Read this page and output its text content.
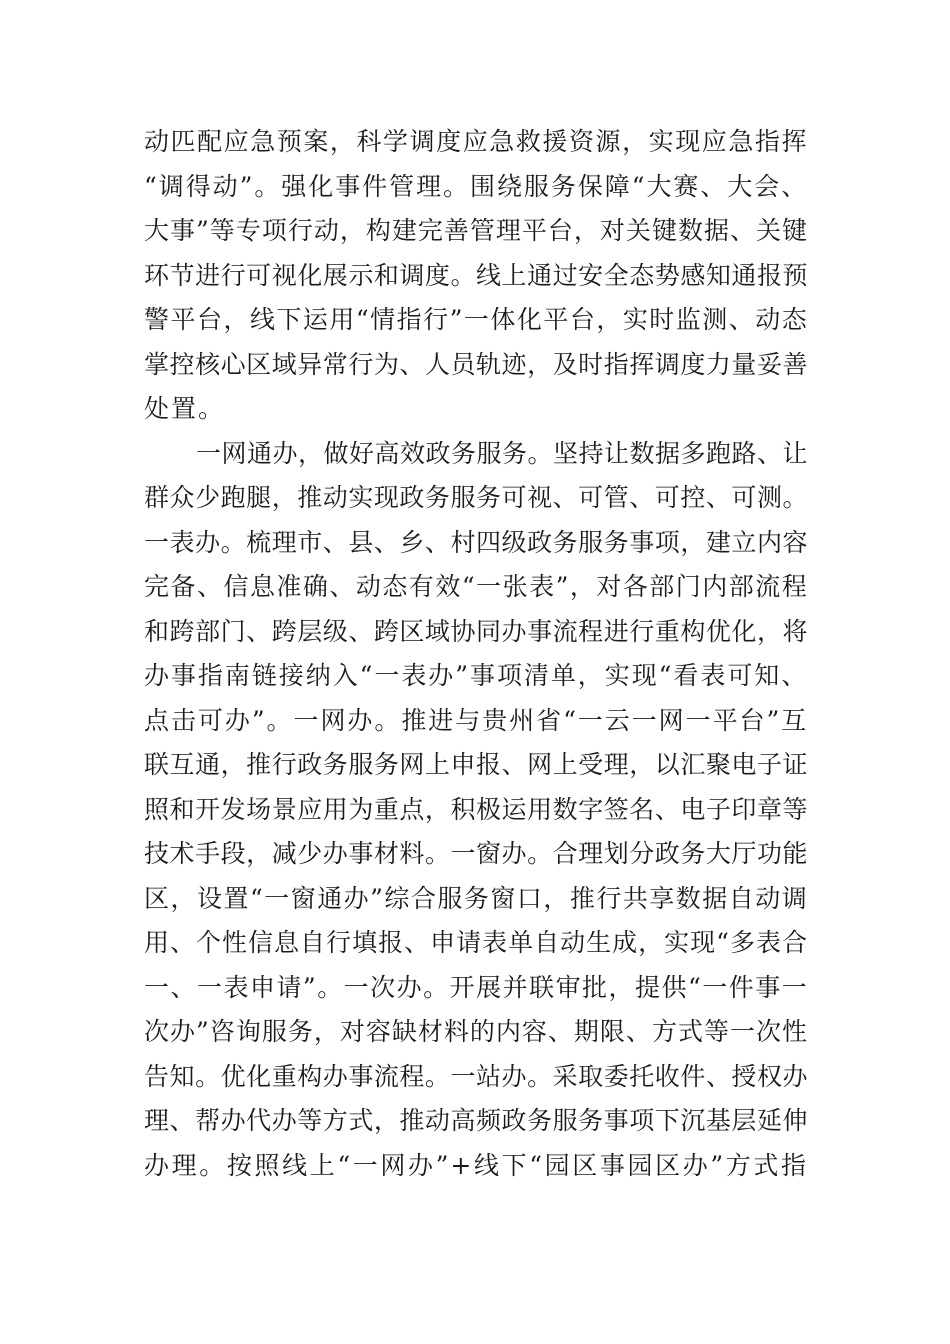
动匹配应急预案，科学调度应急救援资源，实现应急指挥
“调得动”。强化事件管理。围绕服务保障“大赛、大会、
大事”等专项行动，构建完善管理平台，对关键数据、关键
环节进行可视化展示和调度。线上通过安全态势感知通报预
警平台，线下运用“情指行”一体化平台，实时监测、动态
掌控核心区域异常行为、人员轨迹，及时指挥调度力量妥善
处置。
一网通办，做好高效政务服务。坚持让数据多跑路、让
群众少跑腿，推动实现政务服务可视、可管、可控、可测。
一表办。梳理市、县、乡、村四级政务服务事项，建立内容
完备、信息准确、动态有效“一张表”，对各部门内部流程
和跨部门、跨层级、跨区域协同办事流程进行重构优化，将
办事指南链接纳入“一表办”事项清单，实现“看表可知、
点击可办”。一网办。推进与贵州省“一云一网一平台”互
联互通，推行政务服务网上申报、网上受理，以汇聚电子证
照和开发场景应用为重点，积极运用数字签名、电子印章等
技术手段，减少办事材料。一窗办。合理划分政务大厅功能
区，设置“一窗通办”综合服务窗口，推行共享数据自动调
用、个性信息自行填报、申请表单自动生成，实现“多表合
一、一表申请”。一次办。开展并联审批，提供“一件事一
次办”咨询服务，对容缺材料的内容、期限、方式等一次性
告知。优化重构办事流程。一站办。采取委托收件、授权办
理、帮办代办等方式，推动高频政务服务事项下沉基层延伸
办理。按照线上“一网办”+线下“园区事园区办”方式指
